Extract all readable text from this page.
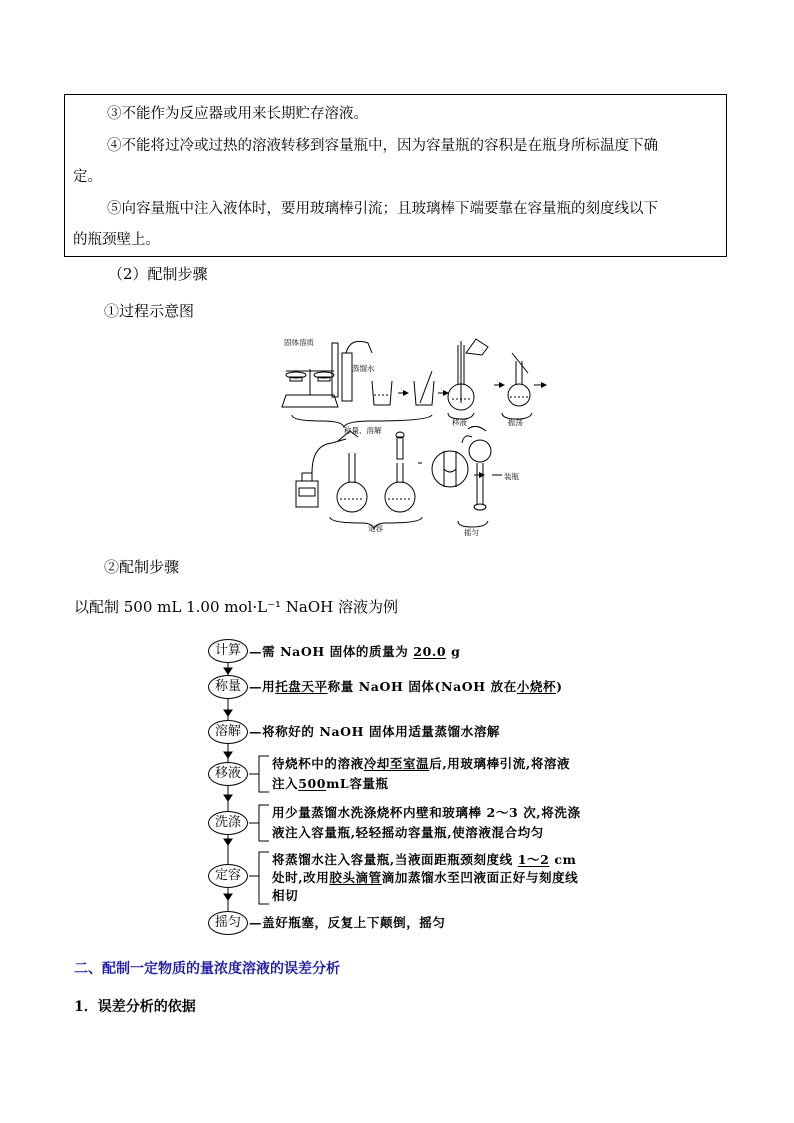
③不能作为反应器或用来长期贮存溶液。
④不能将过冷或过热的溶液转移到容量瓶中，因为容量瓶的容积是在瓶身所标温度下确
定。
⑤向容量瓶中注入液体时，要用玻璃棒引流；且玻璃棒下端要靠在容量瓶的刻度线以下
的瓶颈壁上。
（2）配制步骤
①过程示意图
固体溶质
蒸馏水
称量、溶解
移液	振荡
定容
装瓶
摇匀
②配制步骤
以配制 500 mL 1.00 mol·L⁻¹ NaOH 溶液为例
计算 —需 NaOH 固体的质量为 20.0 g
称量 —用托盘天平称量 NaOH 固体(NaOH 放在小烧杯)
溶解 —将称好的 NaOH 固体用适量蒸馏水溶解
移液
待烧杯中的溶液冷却至室温后,用玻璃棒引流,将溶液
注入500mL容量瓶
洗涤
用少量蒸馏水洗涤烧杯内壁和玻璃棒 2～3 次,将洗涤
液注入容量瓶,轻轻摇动容量瓶,使溶液混合均匀
定容
将蒸馏水注入容量瓶,当液面距瓶颈刻度线 1～2 cm
处时,改用胶头滴管滴加蒸馏水至凹液面正好与刻度线
相切
摇匀 —盖好瓶塞，反复上下颠倒，摇匀
二、配制一定物质的量浓度溶液的误差分析
1．误差分析的依据
